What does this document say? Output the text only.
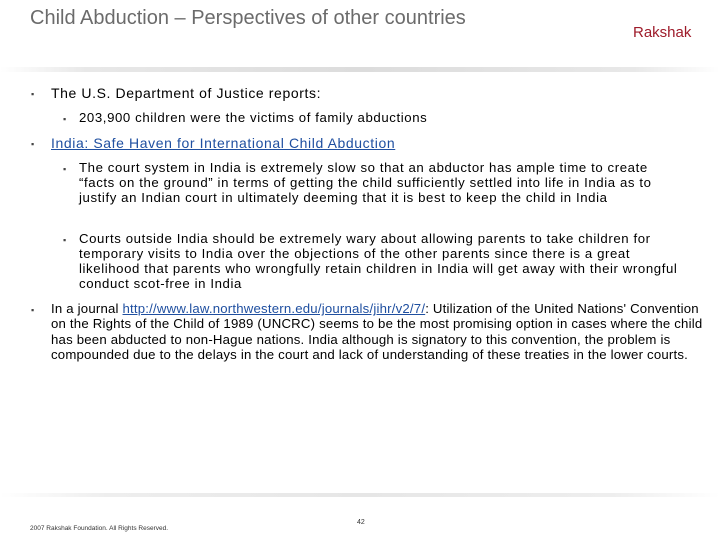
Child Abduction – Perspectives of other countries
Rakshak
▪ The U.S. Department of Justice reports:
▪ 203,900 children were the victims of family abductions
▪ India: Safe Haven for International Child Abduction
▪ The court system in India is extremely slow so that an abductor has ample time to create “facts on the ground” in terms of getting the child sufficiently settled into life in India as to justify an Indian court in ultimately deeming that it is best to keep the child in India
▪ Courts outside India should be extremely wary about allowing parents to take children for temporary visits to India over the objections of the other parents since there is a great likelihood that parents who wrongfully retain children in India will get away with their wrongful conduct scot-free in India
▪ In a journal http://www.law.northwestern.edu/journals/jihr/v2/7/: Utilization of the United Nations' Convention on the Rights of the Child of 1989 (UNCRC) seems to be the most promising option in cases where the child has been abducted to non-Hague nations. India although is signatory to this convention, the problem is compounded due to the delays in the court and lack of understanding of these treaties in the lower courts.
2007 Rakshak Foundation. All Rights Reserved.
42
